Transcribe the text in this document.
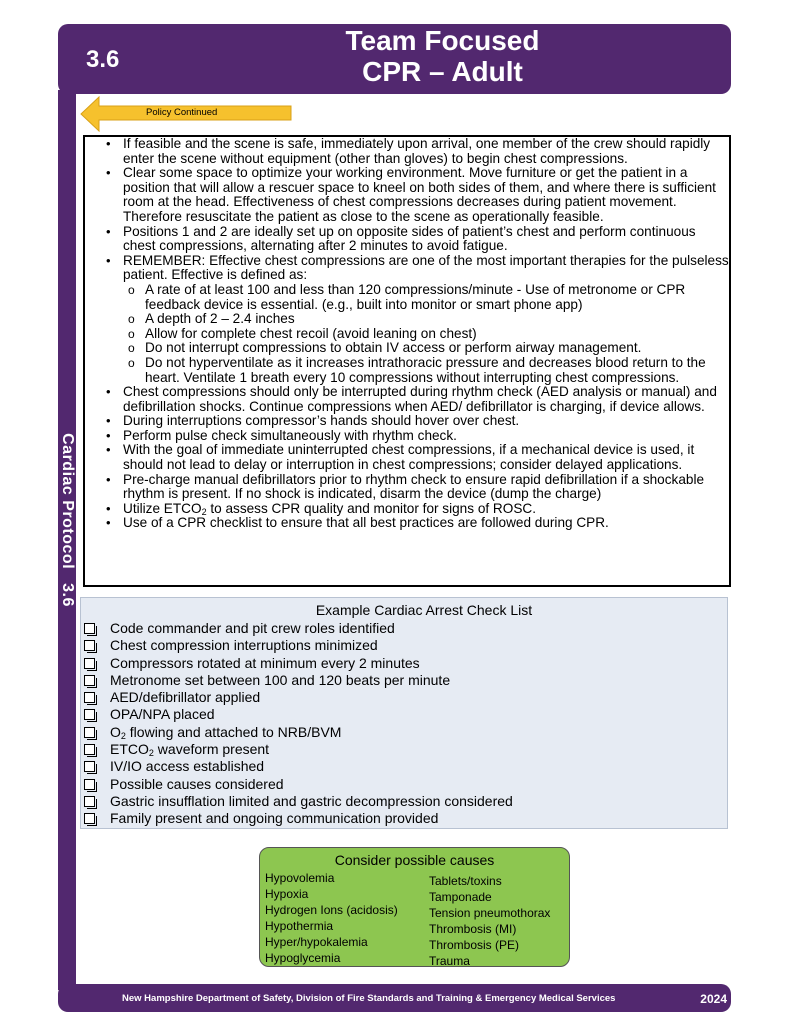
3.6
Team Focused
CPR – Adult
Cardiac Protocol3.6
Policy Continued
• If feasible and the scene is safe, immediately upon arrival, one member of the crew should rapidly enter the scene without equipment (other than gloves) to begin chest compressions.
• Clear some space to optimize your working environment. Move furniture or get the patient in a position that will allow a rescuer space to kneel on both sides of them, and where there is sufficient room at the head. Effectiveness of chest compressions decreases during patient movement. Therefore resuscitate the patient as close to the scene as operationally feasible.
• Positions 1 and 2 are ideally set up on opposite sides of patient’s chest and perform continuous chest compressions, alternating after 2 minutes to avoid fatigue.
• REMEMBER: Effective chest compressions are one of the most important therapies for the pulseless patient. Effective is defined as:
o A rate of at least 100 and less than 120 compressions/minute - Use of metronome or CPR feedback device is essential. (e.g., built into monitor or smart phone app)
o A depth of 2 – 2.4 inches
o Allow for complete chest recoil (avoid leaning on chest)
o Do not interrupt compressions to obtain IV access or perform airway management.
o Do not hyperventilate as it increases intrathoracic pressure and decreases blood return to the heart. Ventilate 1 breath every 10 compressions without interrupting chest compressions.
• Chest compressions should only be interrupted during rhythm check (AED analysis or manual) and defibrillation shocks. Continue compressions when AED/ defibrillator is charging, if device allows.
• During interruptions compressor’s hands should hover over chest.
• Perform pulse check simultaneously with rhythm check.
• With the goal of immediate uninterrupted chest compressions, if a mechanical device is used, it should not lead to delay or interruption in chest compressions; consider delayed applications.
• Pre-charge manual defibrillators prior to rhythm check to ensure rapid defibrillation if a shockable rhythm is present. If no shock is indicated, disarm the device (dump the charge)
• Utilize $ETCO_2$ to assess CPR quality and monitor for signs of ROSC.
• Use of a CPR checklist to ensure that all best practices are followed during CPR.
Example Cardiac Arrest Check List
Code commander and pit crew roles identified
Chest compression interruptions minimized
Compressors rotated at minimum every 2 minutes
Metronome set between 100 and 120 beats per minute
AED/defibrillator applied
OPA/NPA placed
$O_2$ flowing and attached to NRB/BVM
$ETCO_2$ waveform present
IV/IO access established
Possible causes considered
Gastric insufflation limited and gastric decompression considered
Family present and ongoing communication provided
Consider possible causes
Hypovolemia
Hypoxia
Hydrogen Ions (acidosis)
Hypothermia
Hyper/hypokalemia
Hypoglycemia
Tablets/toxins
Tamponade
Tension pneumothorax
Thrombosis (MI)
Thrombosis (PE)
Trauma
New Hampshire Department of Safety, Division of Fire Standards and Training & Emergency Medical Services	2024
